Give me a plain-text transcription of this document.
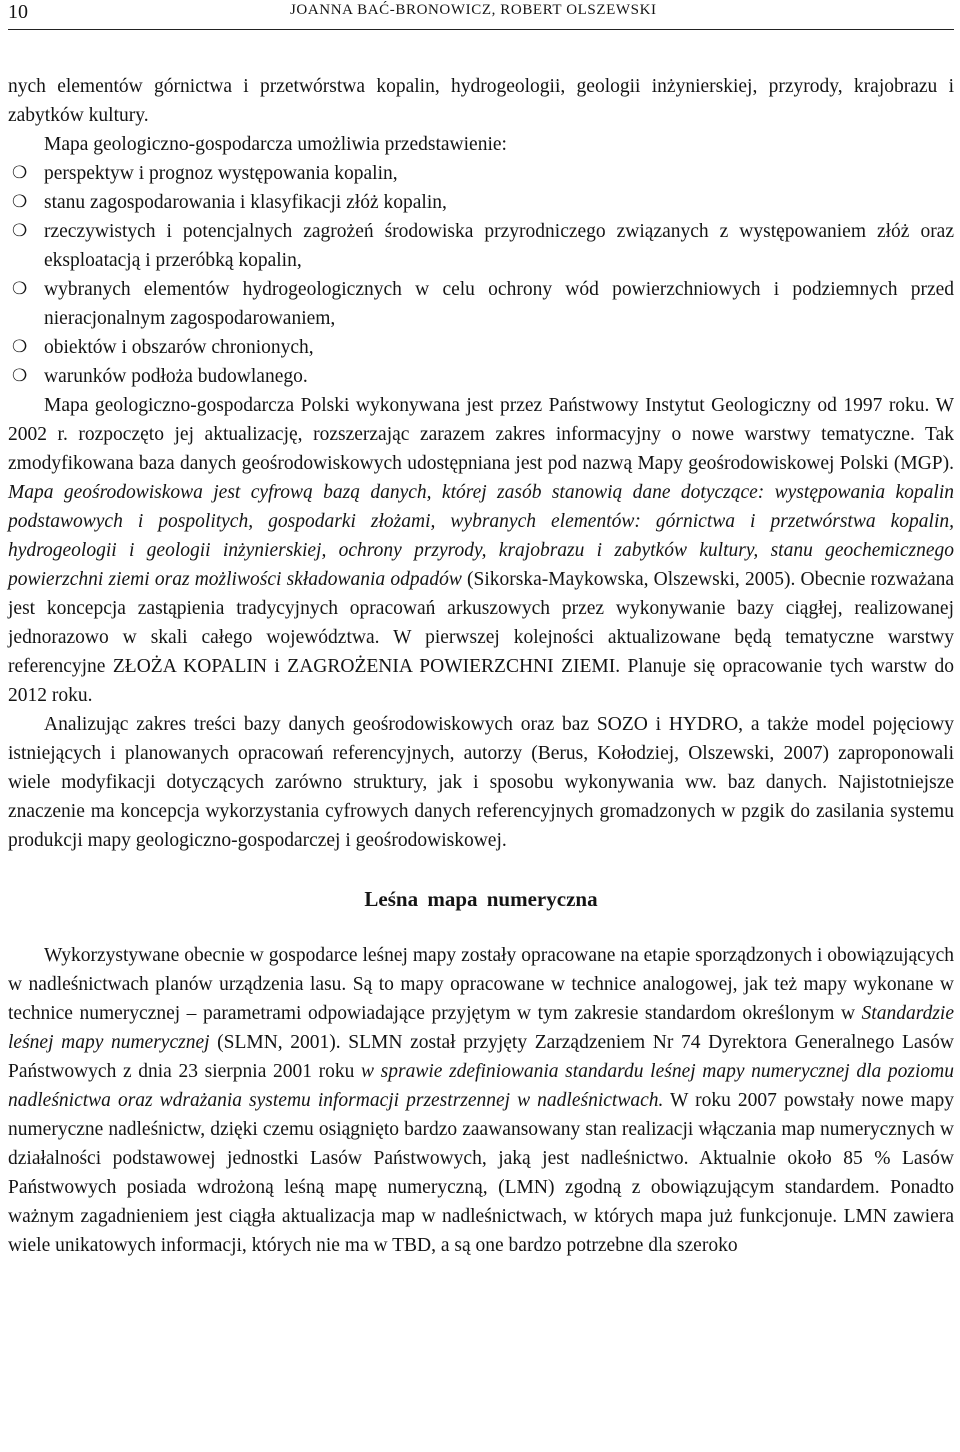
10	JOANNA BAĆ-BRONOWICZ, ROBERT OLSZEWSKI

nych elementów górnictwa i przetwórstwa kopalin, hydrogeologii, geologii inżynierskiej, przyrody, krajobrazu i zabytków kultury.

Mapa geologiczno-gospodarcza umożliwia przedstawienie:

❍ perspektyw i prognoz występowania kopalin,
❍ stanu zagospodarowania i klasyfikacji złóż kopalin,
❍ rzeczywistych i potencjalnych zagrożeń środowiska przyrodniczego związanych z występowaniem złóż oraz eksploatacją i przeróbką kopalin,
❍ wybranych elementów hydrogeologicznych w celu ochrony wód powierzchniowych i podziemnych przed nieracjonalnym zagospodarowaniem,
❍ obiektów i obszarów chronionych,
❍ warunków podłoża budowlanego.

Mapa geologiczno-gospodarcza Polski wykonywana jest przez Państwowy Instytut Geologiczny od 1997 roku. W 2002 r. rozpoczęto jej aktualizację, rozszerzając zarazem zakres informacyjny o nowe warstwy tematyczne. Tak zmodyfikowana baza danych geośrodowiskowych udostępniana jest pod nazwą Mapy geośrodowiskowej Polski (MGP). Mapa geośrodowiskowa jest cyfrową bazą danych, której zasób stanowią dane dotyczące: występowania kopalin podstawowych i pospolitych, gospodarki złożami, wybranych elementów: górnictwa i przetwórstwa kopalin, hydrogeologii i geologii inżynierskiej, ochrony przyrody, krajobrazu i zabytków kultury, stanu geochemicznego powierzchni ziemi oraz możliwości składowania odpadów (Sikorska-Maykowska, Olszewski, 2005). Obecnie rozważana jest koncepcja zastąpienia tradycyjnych opracowań arkuszowych przez wykonywanie bazy ciągłej, realizowanej jednorazowo w skali całego województwa. W pierwszej kolejności aktualizowane będą tematyczne warstwy referencyjne ZŁOŻA KOPALIN i ZAGROŻENIA POWIERZCHNI ZIEMI. Planuje się opracowanie tych warstw do 2012 roku.

Analizując zakres treści bazy danych geośrodowiskowych oraz baz SOZO i HYDRO, a także model pojęciowy istniejących i planowanych opracowań referencyjnych, autorzy (Berus, Kołodziej, Olszewski, 2007) zaproponowali wiele modyfikacji dotyczących zarówno struktury, jak i sposobu wykonywania ww. baz danych. Najistotniejsze znaczenie ma koncepcja wykorzystania cyfrowych danych referencyjnych gromadzonych w pzgik do zasilania systemu produkcji mapy geologiczno-gospodarczej i geośrodowiskowej.

Leśna mapa numeryczna

Wykorzystywane obecnie w gospodarce leśnej mapy zostały opracowane na etapie sporządzonych i obowiązujących w nadleśnictwach planów urządzenia lasu. Są to mapy opracowane w technice analogowej, jak też mapy wykonane w technice numerycznej – parametrami odpowiadające przyjętym w tym zakresie standardom określonym w Standardzie leśnej mapy numerycznej (SLMN, 2001). SLMN został przyjęty Zarządzeniem Nr 74 Dyrektora Generalnego Lasów Państwowych z dnia 23 sierpnia 2001 roku w sprawie zdefiniowania standardu leśnej mapy numerycznej dla poziomu nadleśnictwa oraz wdrażania systemu informacji przestrzennej w nadleśnictwach. W roku 2007 powstały nowe mapy numeryczne nadleśnictw, dzięki czemu osiągnięto bardzo zaawansowany stan realizacji włączania map numerycznych w działalności podstawowej jednostki Lasów Państwowych, jaką jest nadleśnictwo. Aktualnie około 85 % Lasów Państwowych posiada wdrożoną leśną mapę numeryczną, (LMN) zgodną z obowiązującym standardem. Ponadto ważnym zagadnieniem jest ciągła aktualizacja map w nadleśnictwach, w których mapa już funkcjonuje. LMN zawiera wiele unikatowych informacji, których nie ma w TBD, a są one bardzo potrzebne dla szeroko
